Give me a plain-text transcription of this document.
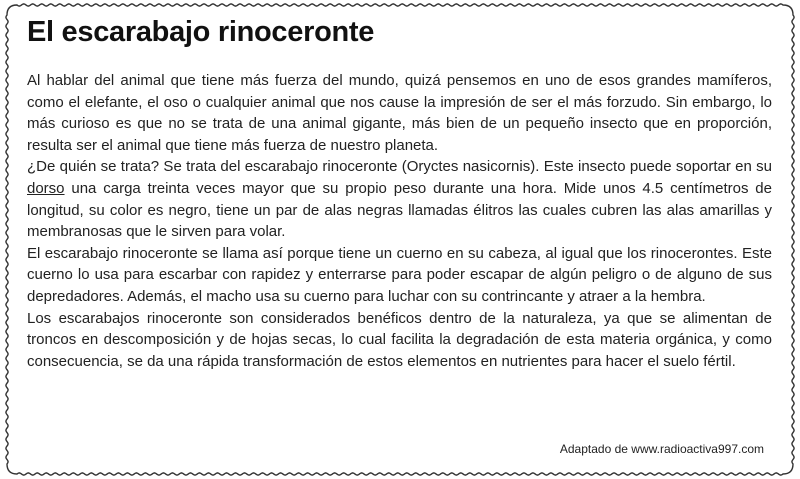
El escarabajo rinoceronte

Al hablar del animal que tiene más fuerza del mundo, quizá pensemos en uno de esos grandes mamíferos, como el elefante, el oso o cualquier animal que nos cause la impresión de ser el más forzudo. Sin embargo, lo más curioso es que no se trata de una animal gigante, más bien de un pequeño insecto que en proporción, resulta ser el animal que tiene más fuerza de nuestro planeta.

¿De quién se trata? Se trata del escarabajo rinoceronte (Oryctes nasicornis). Este insecto puede soportar en su dorso una carga treinta veces mayor que su propio peso durante una hora. Mide unos 4.5 centímetros de longitud, su color es negro, tiene un par de alas negras llamadas élitros las cuales cubren las alas amarillas y membranosas que le sirven para volar.

El escarabajo rinoceronte se llama así porque tiene un cuerno en su cabeza, al igual que los rinocerontes. Este cuerno lo usa para escarbar con rapidez y enterrarse para poder escapar de algún peligro o de alguno de sus depredadores. Además, el macho usa su cuerno para luchar con su contrincante y atraer a la hembra.

Los escarabajos rinoceronte son considerados benéficos dentro de la naturaleza, ya que se alimentan de troncos en descomposición y de hojas secas, lo cual facilita la degradación de esta materia orgánica, y como consecuencia, se da una rápida transformación de estos elementos en nutrientes para hacer el suelo fértil.

Adaptado de www.radioactiva997.com
